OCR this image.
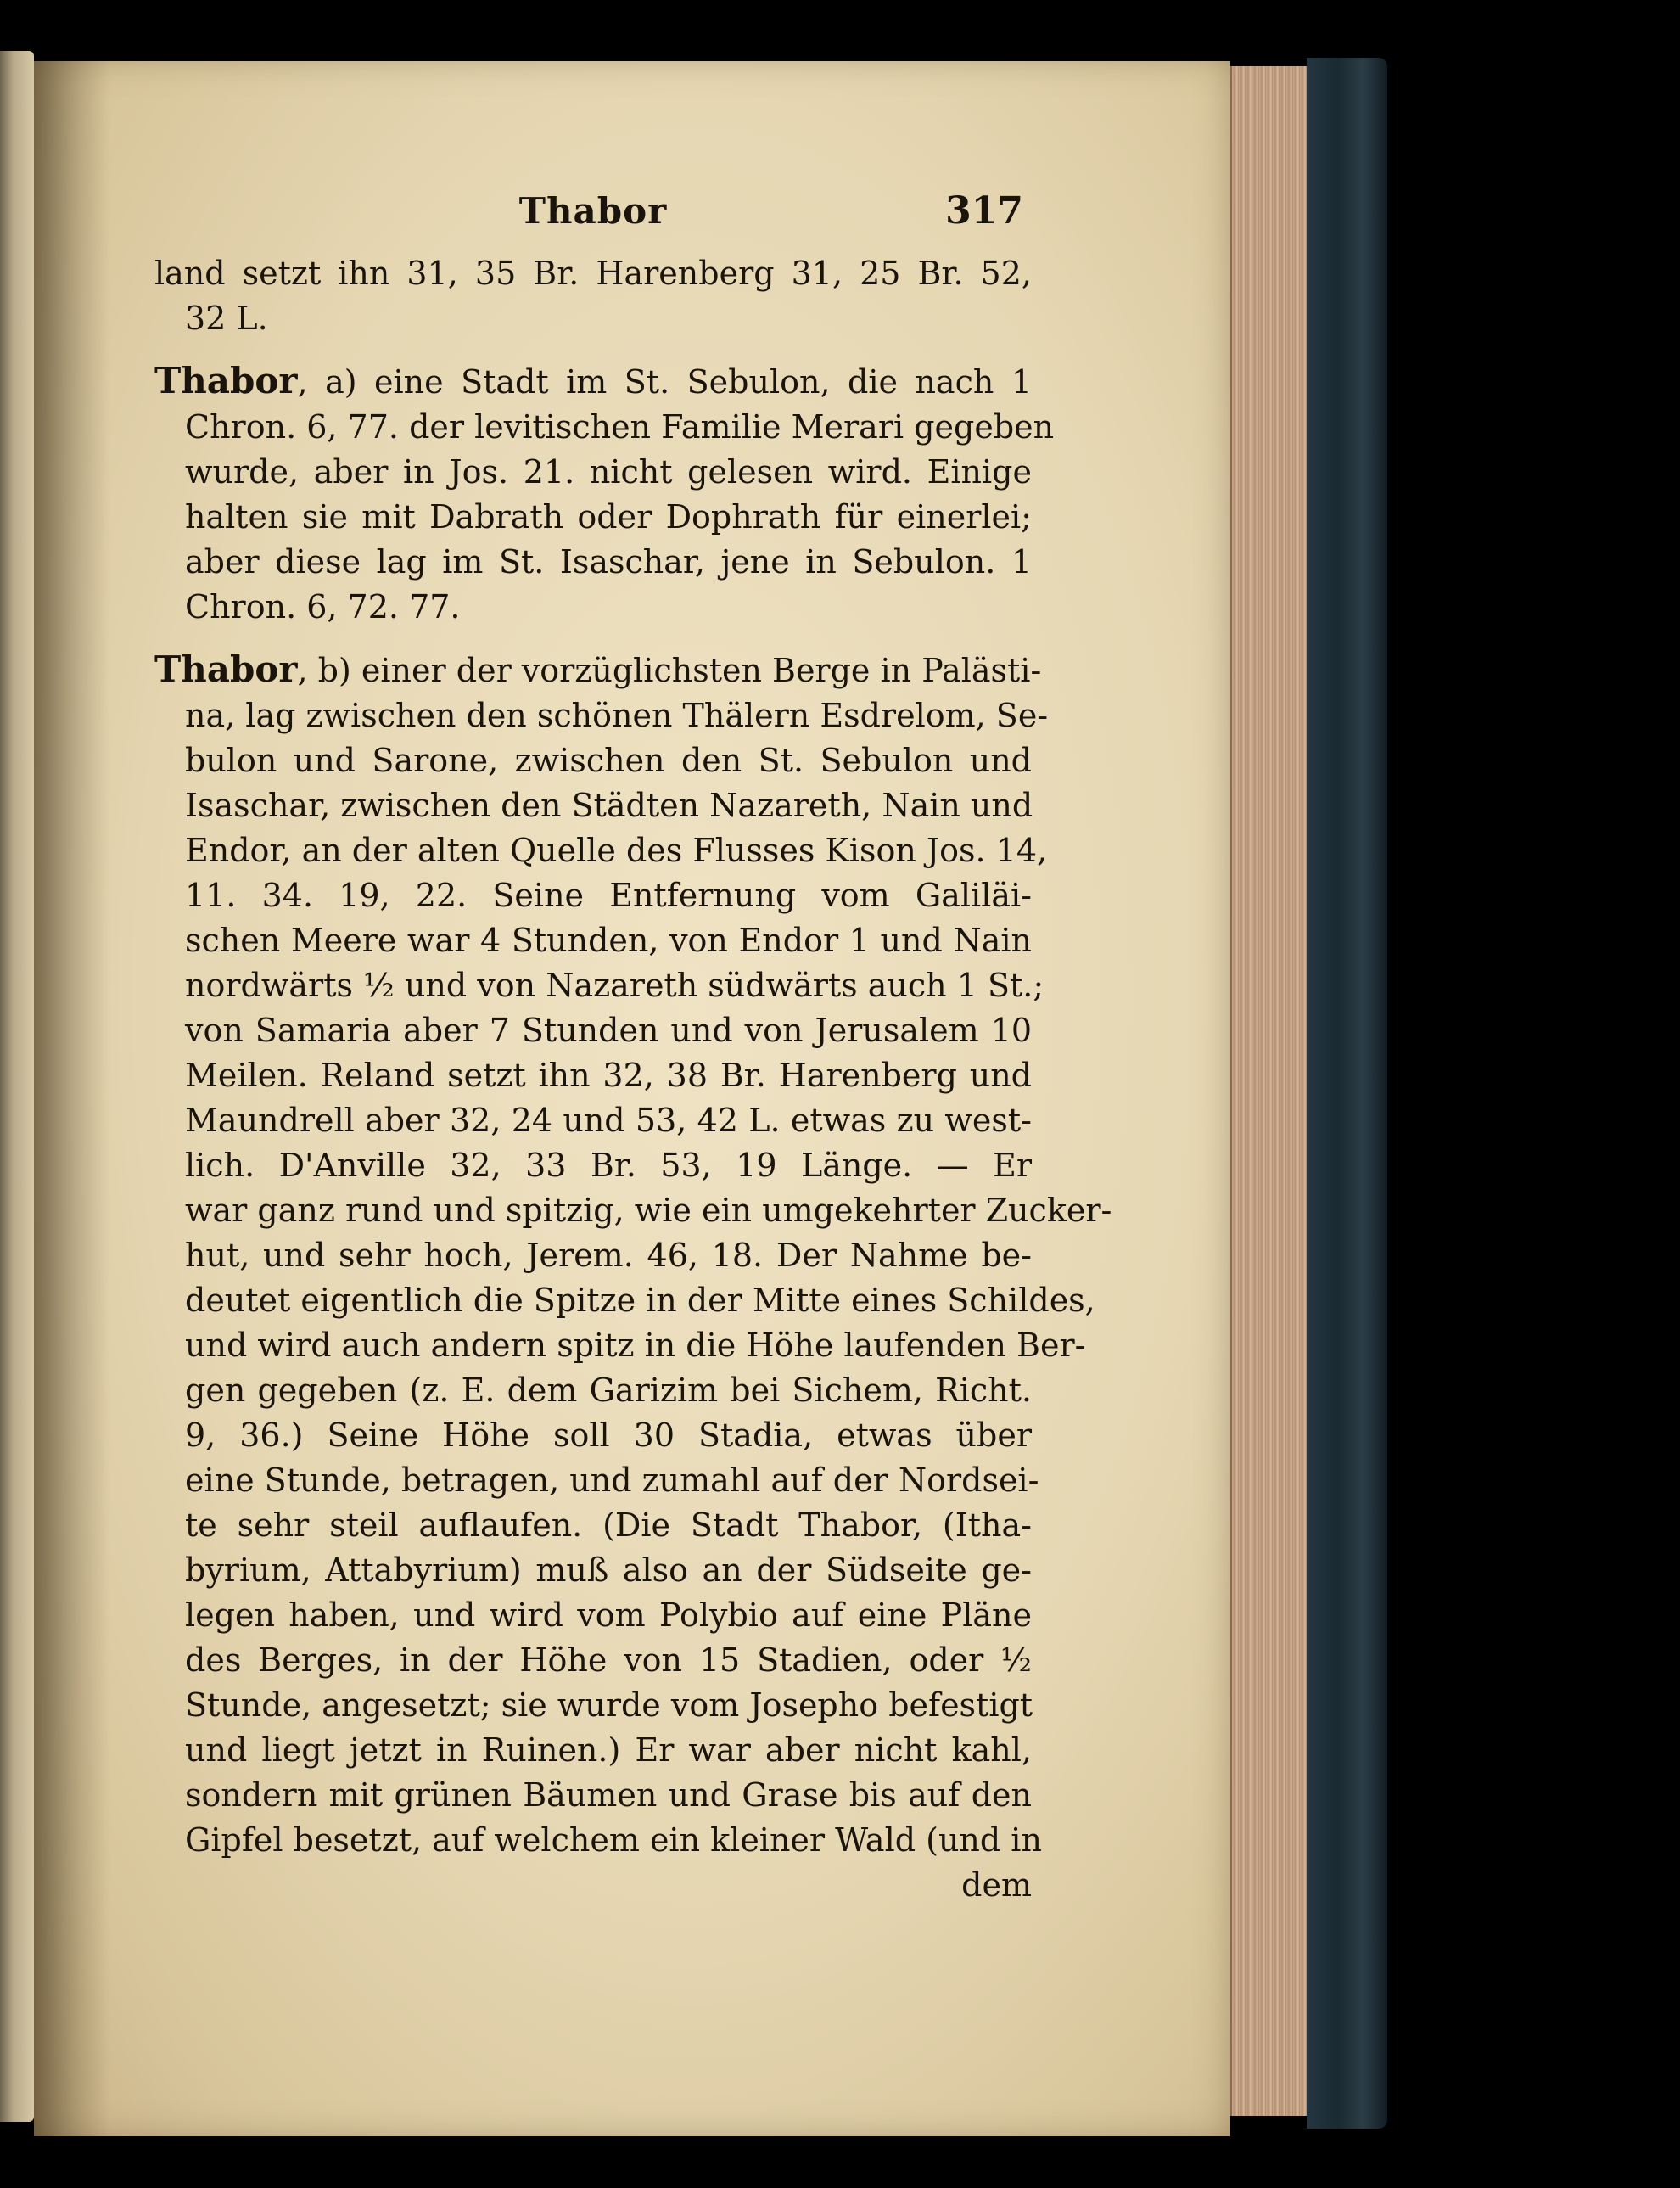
Thabor	317
land setzt ihn 31, 35 Br. Harenberg 31, 25 Br. 52,
32 L.
Thabor, a) eine Stadt im St. Sebulon, die nach 1
Chron. 6, 77. der levitischen Familie Merari gegeben
wurde, aber in Jos. 21. nicht gelesen wird. Einige
halten sie mit Dabrath oder Dophrath für einerlei;
aber diese lag im St. Isaschar, jene in Sebulon. 1
Chron. 6, 72. 77.
Thabor, b) einer der vorzüglichsten Berge in Palästi-
na, lag zwischen den schönen Thälern Esdrelom, Se-
bulon und Sarone, zwischen den St. Sebulon und
Isaschar, zwischen den Städten Nazareth, Nain und
Endor, an der alten Quelle des Flusses Kison Jos. 14,
11. 34. 19, 22. Seine Entfernung vom Galiläi-
schen Meere war 4 Stunden, von Endor 1 und Nain
nordwärts ½ und von Nazareth südwärts auch 1 St.;
von Samaria aber 7 Stunden und von Jerusalem 10
Meilen. Reland setzt ihn 32, 38 Br. Harenberg und
Maundrell aber 32, 24 und 53, 42 L. etwas zu west-
lich. D'Anville 32, 33 Br. 53, 19 Länge. — Er
war ganz rund und spitzig, wie ein umgekehrter Zucker-
hut, und sehr hoch, Jerem. 46, 18. Der Nahme be-
deutet eigentlich die Spitze in der Mitte eines Schildes,
und wird auch andern spitz in die Höhe laufenden Ber-
gen gegeben (z. E. dem Garizim bei Sichem, Richt.
9, 36.) Seine Höhe soll 30 Stadia, etwas über
eine Stunde, betragen, und zumahl auf der Nordsei-
te sehr steil auflaufen. (Die Stadt Thabor, (Itha-
byrium, Attabyrium) muß also an der Südseite ge-
legen haben, und wird vom Polybio auf eine Pläne
des Berges, in der Höhe von 15 Stadien, oder ½
Stunde, angesetzt; sie wurde vom Josepho befestigt
und liegt jetzt in Ruinen.) Er war aber nicht kahl,
sondern mit grünen Bäumen und Grase bis auf den
Gipfel besetzt, auf welchem ein kleiner Wald (und in
dem
